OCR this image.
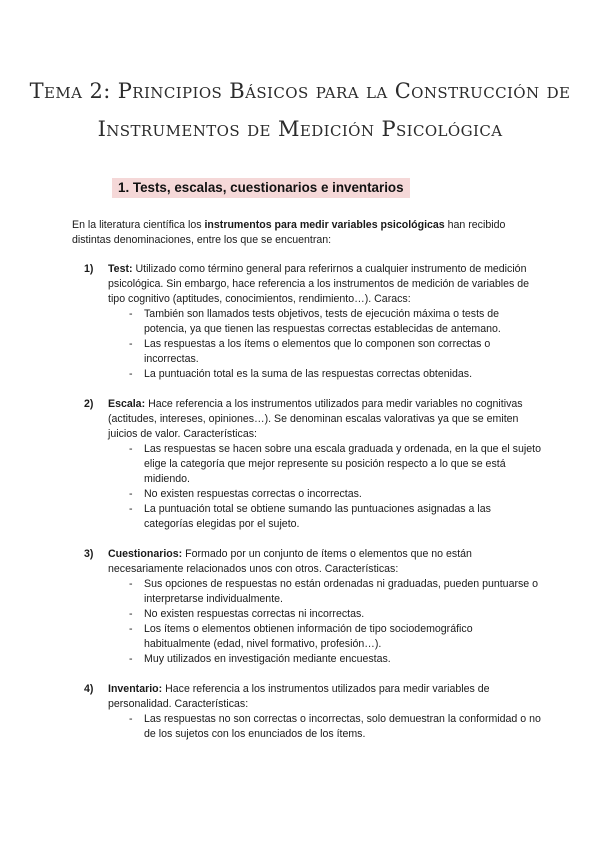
Tema 2: Principios Básicos para la Construcción de
Instrumentos de Medición Psicológica
1. Tests, escalas, cuestionarios e inventarios
En la literatura científica los instrumentos para medir variables psicológicas han recibido distintas denominaciones, entre los que se encuentran:
1) Test: Utilizado como término general para referirnos a cualquier instrumento de medición psicológica. Sin embargo, hace referencia a los instrumentos de medición de variables de tipo cognitivo (aptitudes, conocimientos, rendimiento…). Caracs:
- También son llamados tests objetivos, tests de ejecución máxima o tests de potencia, ya que tienen las respuestas correctas establecidas de antemano.
- Las respuestas a los ítems o elementos que lo componen son correctas o incorrectas.
- La puntuación total es la suma de las respuestas correctas obtenidas.
2) Escala: Hace referencia a los instrumentos utilizados para medir variables no cognitivas (actitudes, intereses, opiniones…). Se denominan escalas valorativas ya que se emiten juicios de valor. Características:
- Las respuestas se hacen sobre una escala graduada y ordenada, en la que el sujeto elige la categoría que mejor represente su posición respecto a lo que se está midiendo.
- No existen respuestas correctas o incorrectas.
- La puntuación total se obtiene sumando las puntuaciones asignadas a las categorías elegidas por el sujeto.
3) Cuestionarios: Formado por un conjunto de ítems o elementos que no están necesariamente relacionados unos con otros. Características:
- Sus opciones de respuestas no están ordenadas ni graduadas, pueden puntuarse o interpretarse individualmente.
- No existen respuestas correctas ni incorrectas.
- Los ítems o elementos obtienen información de tipo sociodemográfico habitualmente (edad, nivel formativo, profesión…).
- Muy utilizados en investigación mediante encuestas.
4) Inventario: Hace referencia a los instrumentos utilizados para medir variables de personalidad. Características:
- Las respuestas no son correctas o incorrectas, solo demuestran la conformidad o no de los sujetos con los enunciados de los ítems.
